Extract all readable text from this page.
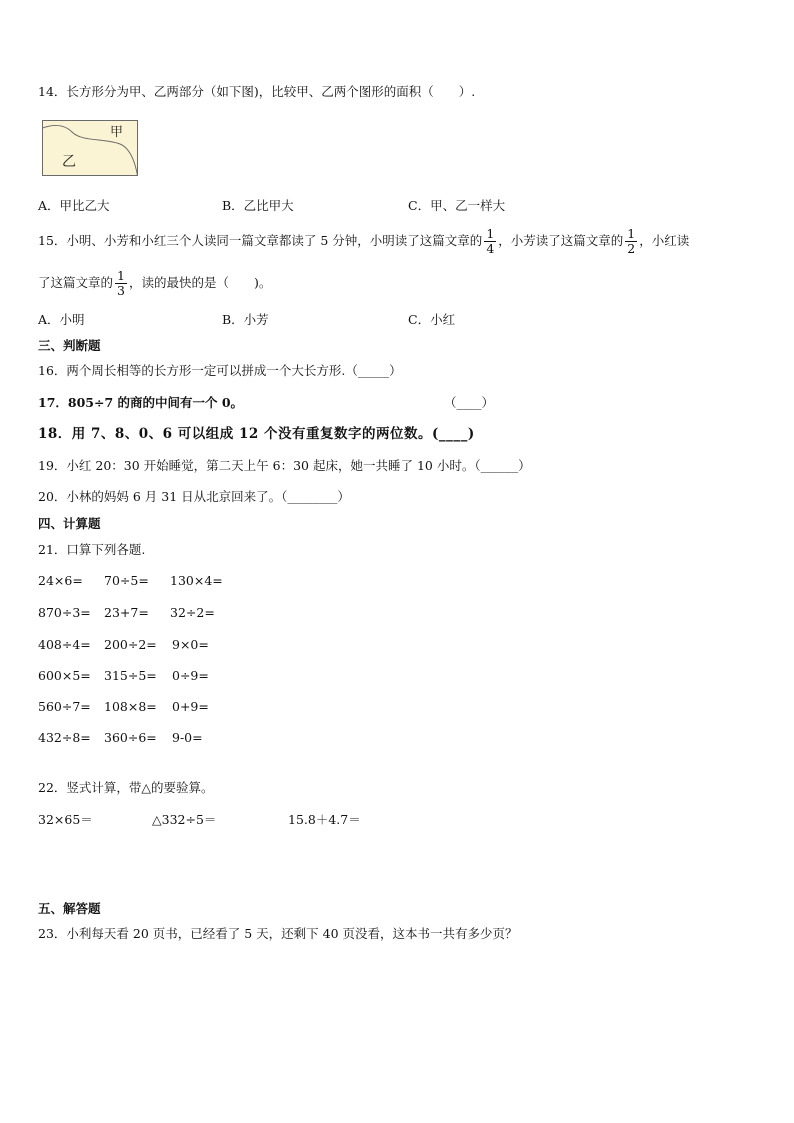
14．长方形分为甲、乙两部分（如下图)，比较甲、乙两个图形的面积（　　）.
甲
乙
A．甲比乙大	B．乙比甲大	C．甲、乙一样大
15．小明、小芳和小红三个人读同一篇文章都读了 5 分钟，小明读了这篇文章的 $\frac{1}{4}$ ，小芳读了这篇文章的 $\frac{1}{2}$ ，小红读
了这篇文章的 $\frac{1}{3}$ ，读的最快的是（　　)。
A．小明	B．小芳	C．小红
三、判断题
16．两个周长相等的长方形一定可以拼成一个大长方形.（_____）
17．805÷7 的商的中间有一个 0。	（____）
18．用 7、8、0、6 可以组成 12 个没有重复数字的两位数。(____)
19．小红 20：30 开始睡觉，第二天上午 6：30 起床，她一共睡了 10 小时。（______）
20．小林的妈妈 6 月 31 日从北京回来了。（________）
四、计算题
21．口算下列各题.
24×6= 70÷5= 130×4=
870÷3= 23+7= 32÷2=
408÷4= 200÷2= 9×0=
600×5= 315÷5= 0÷9=
560÷7= 108×8= 0+9=
432÷8= 360÷6= 9-0=
22．竖式计算，带△的要验算。
32×65＝	△332÷5＝	15.8＋4.7＝
五、解答题
23．小利每天看 20 页书，已经看了 5 天，还剩下 40 页没看，这本书一共有多少页？
